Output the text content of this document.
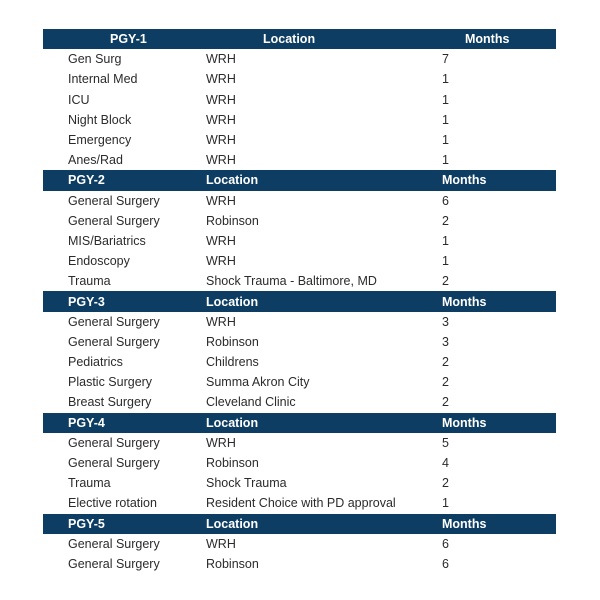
PGY-1	Location	Months
Gen Surg	WRH	7
Internal Med	WRH	1
ICU	WRH	1
Night Block	WRH	1
Emergency	WRH	1
Anes/Rad	WRH	1
PGY-2	Location	Months
General Surgery	WRH	6
General Surgery	Robinson	2
MIS/Bariatrics	WRH	1
Endoscopy	WRH	1
Trauma	Shock Trauma - Baltimore, MD	2
PGY-3	Location	Months
General Surgery	WRH	3
General Surgery	Robinson	3
Pediatrics	Childrens	2
Plastic Surgery	Summa Akron City	2
Breast Surgery	Cleveland Clinic	2
PGY-4	Location	Months
General Surgery	WRH	5
General Surgery	Robinson	4
Trauma	Shock Trauma	2
Elective rotation	Resident Choice with PD approval	1
PGY-5	Location	Months
General Surgery	WRH	6
General Surgery	Robinson	6
